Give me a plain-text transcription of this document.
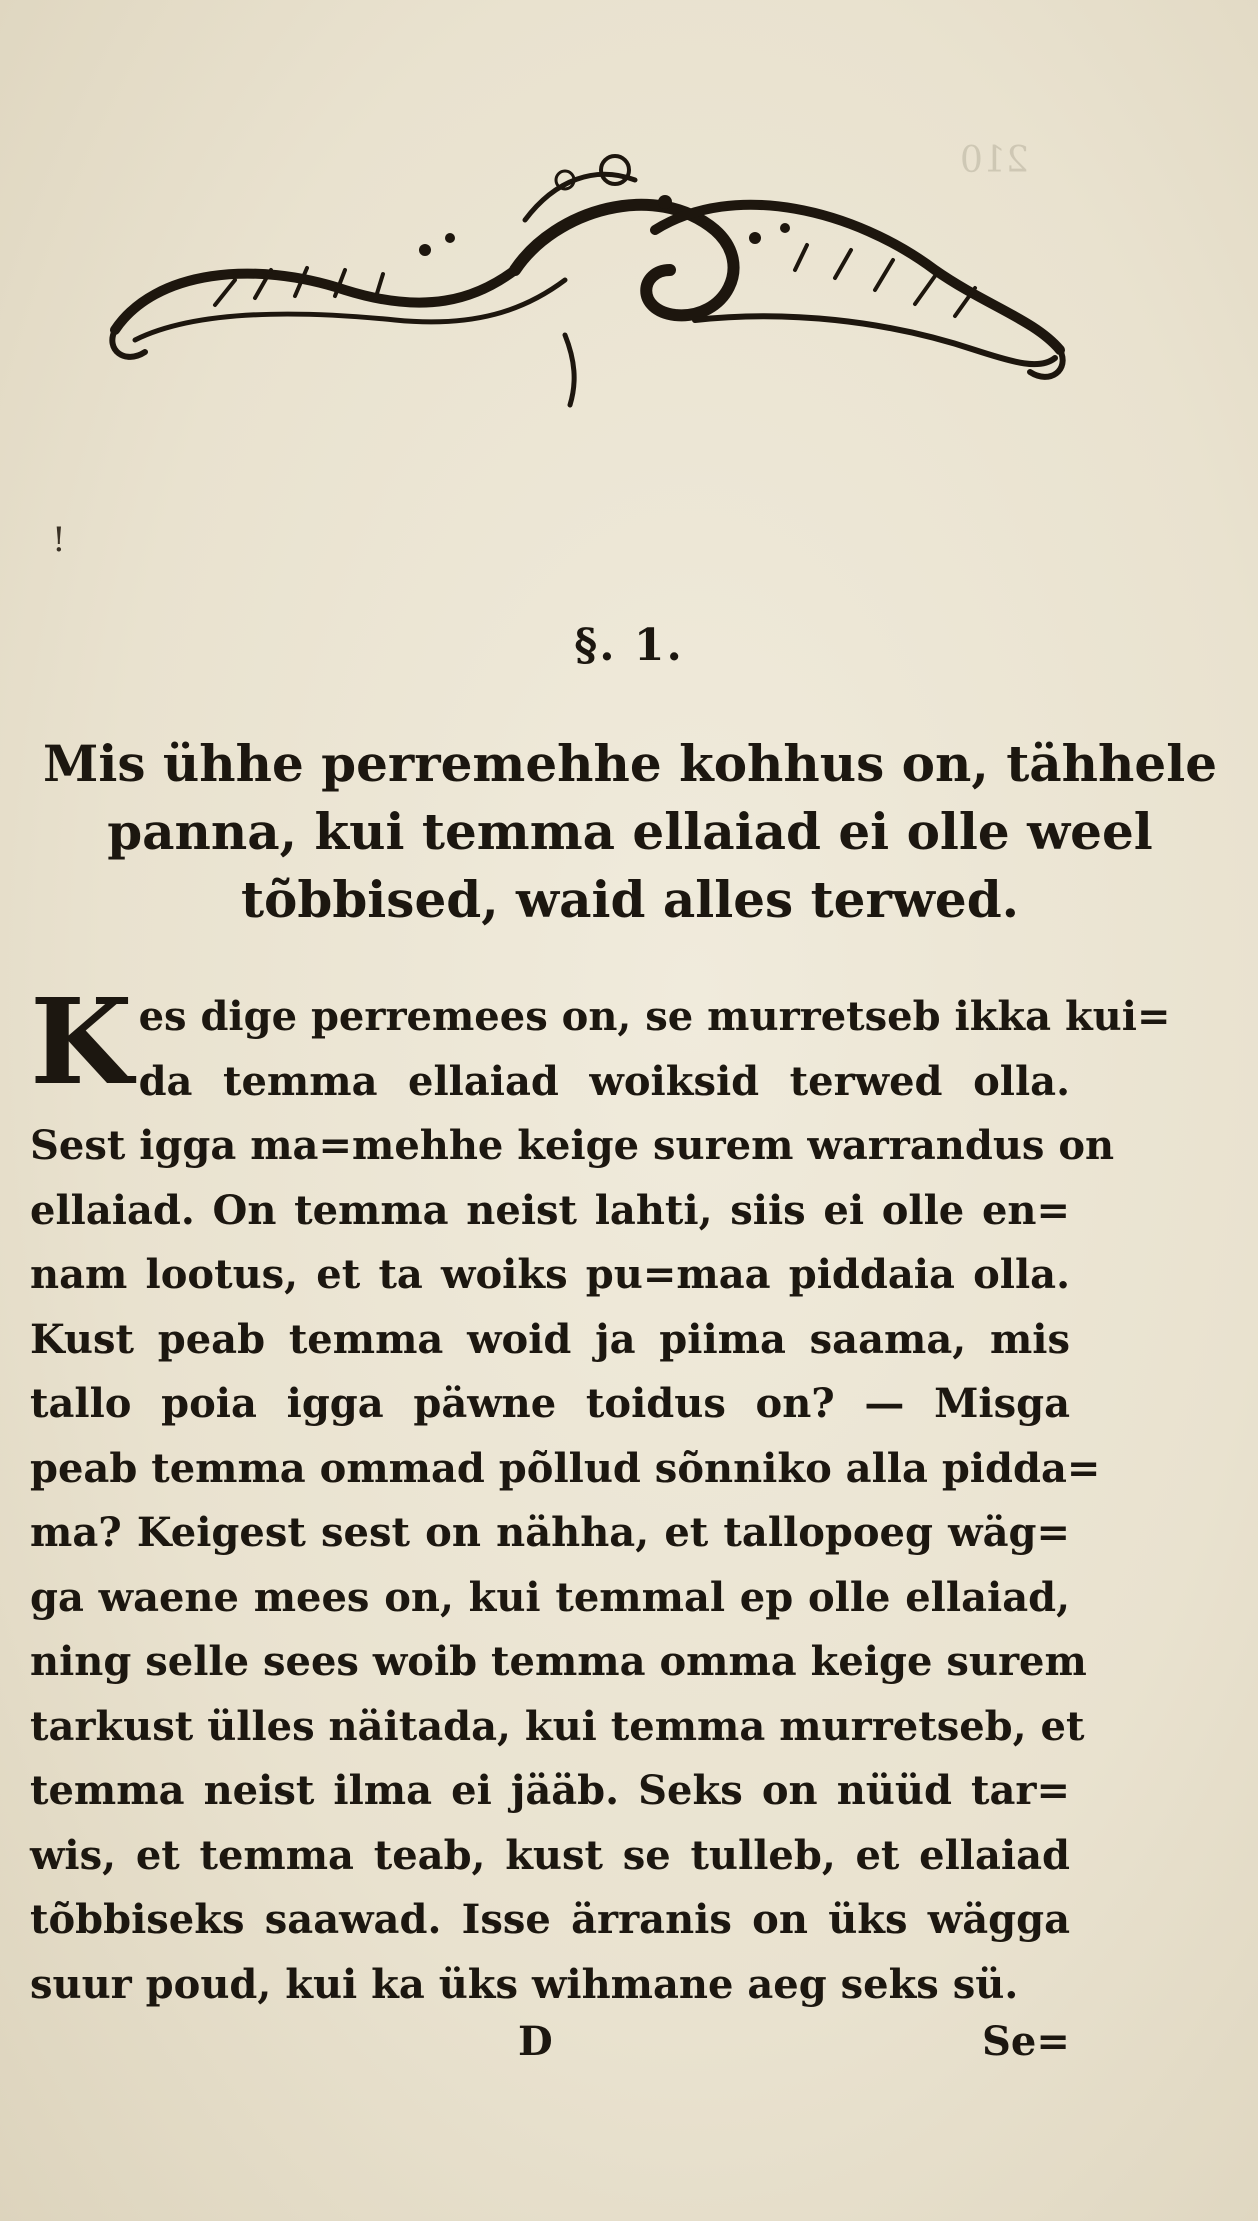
210
!
§. 1.
Mis ühhe perremehhe kohhus on, tähhele
panna, kui temma ellaiad ei olle weel
tõbbised, waid alles terwed.
K es dige perremees on, se murretseb ikka kui=
da temma ellaiad woiksid terwed olla.
Sest igga ma=mehhe keige surem warrandus on
ellaiad. On temma neist lahti, siis ei olle en=
nam lootus, et ta woiks pu=maa piddaia olla.
Kust peab temma woid ja piima saama, mis
tallo poia igga päwne toidus on? — Misga
peab temma ommad põllud sõnniko alla pidda=
ma? Keigest sest on nähha, et tallopoeg wäg=
ga waene mees on, kui temmal ep olle ellaiad,
ning selle sees woib temma omma keige surem
tarkust ülles näitada, kui temma murretseb, et
temma neist ilma ei jääb. Seks on nüüd tar=
wis, et temma teab, kust se tulleb, et ellaiad
tõbbiseks saawad. Isse ärranis on üks wägga
suur poud, kui ka üks wihmane aeg seks sü.
D	Se=
